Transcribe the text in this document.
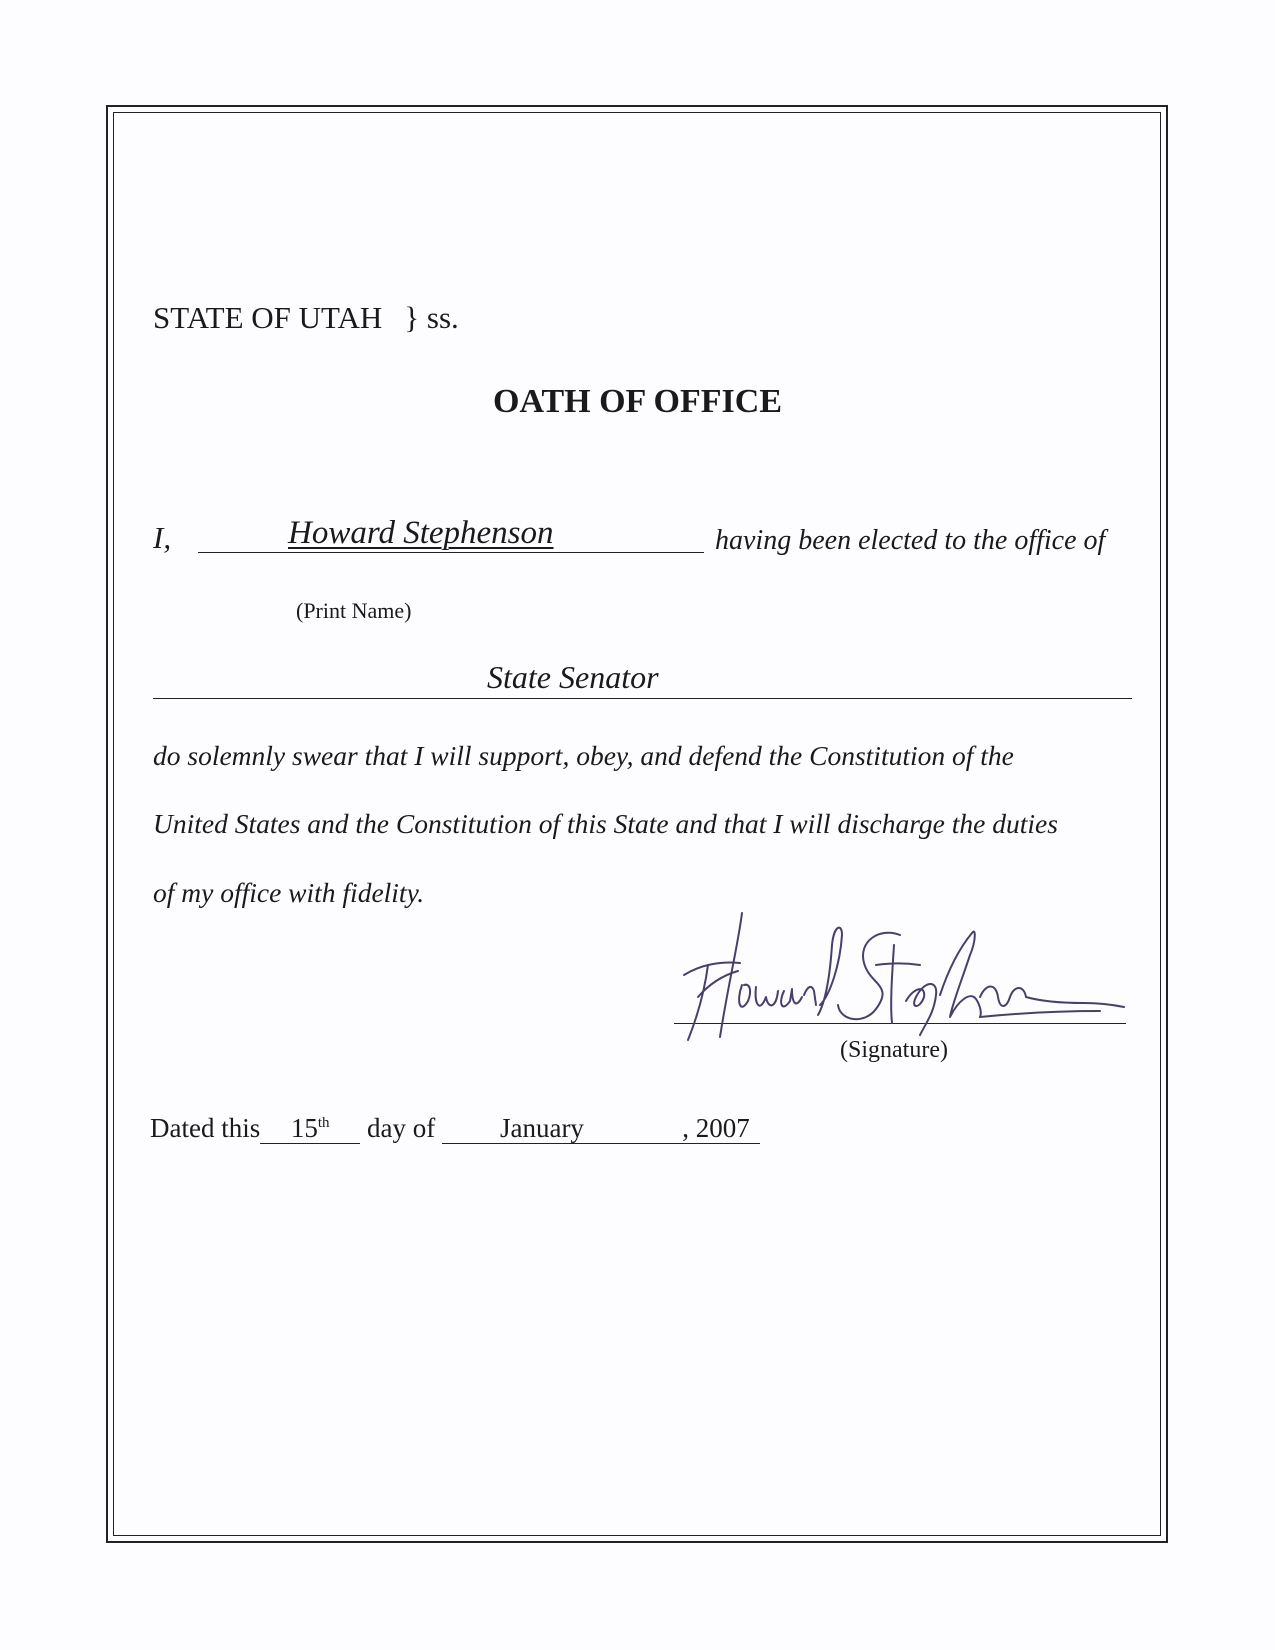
STATE OF UTAH } ss.
OATH OF OFFICE
I,	Howard Stephenson	having been elected to the office of
(Print Name)
State Senator
do solemnly swear that I will support, obey, and defend the Constitution of the
United States and the Constitution of this State and that I will discharge the duties
of my office with fidelity.
(Signature)
Dated this 15th day of January	, 2007
